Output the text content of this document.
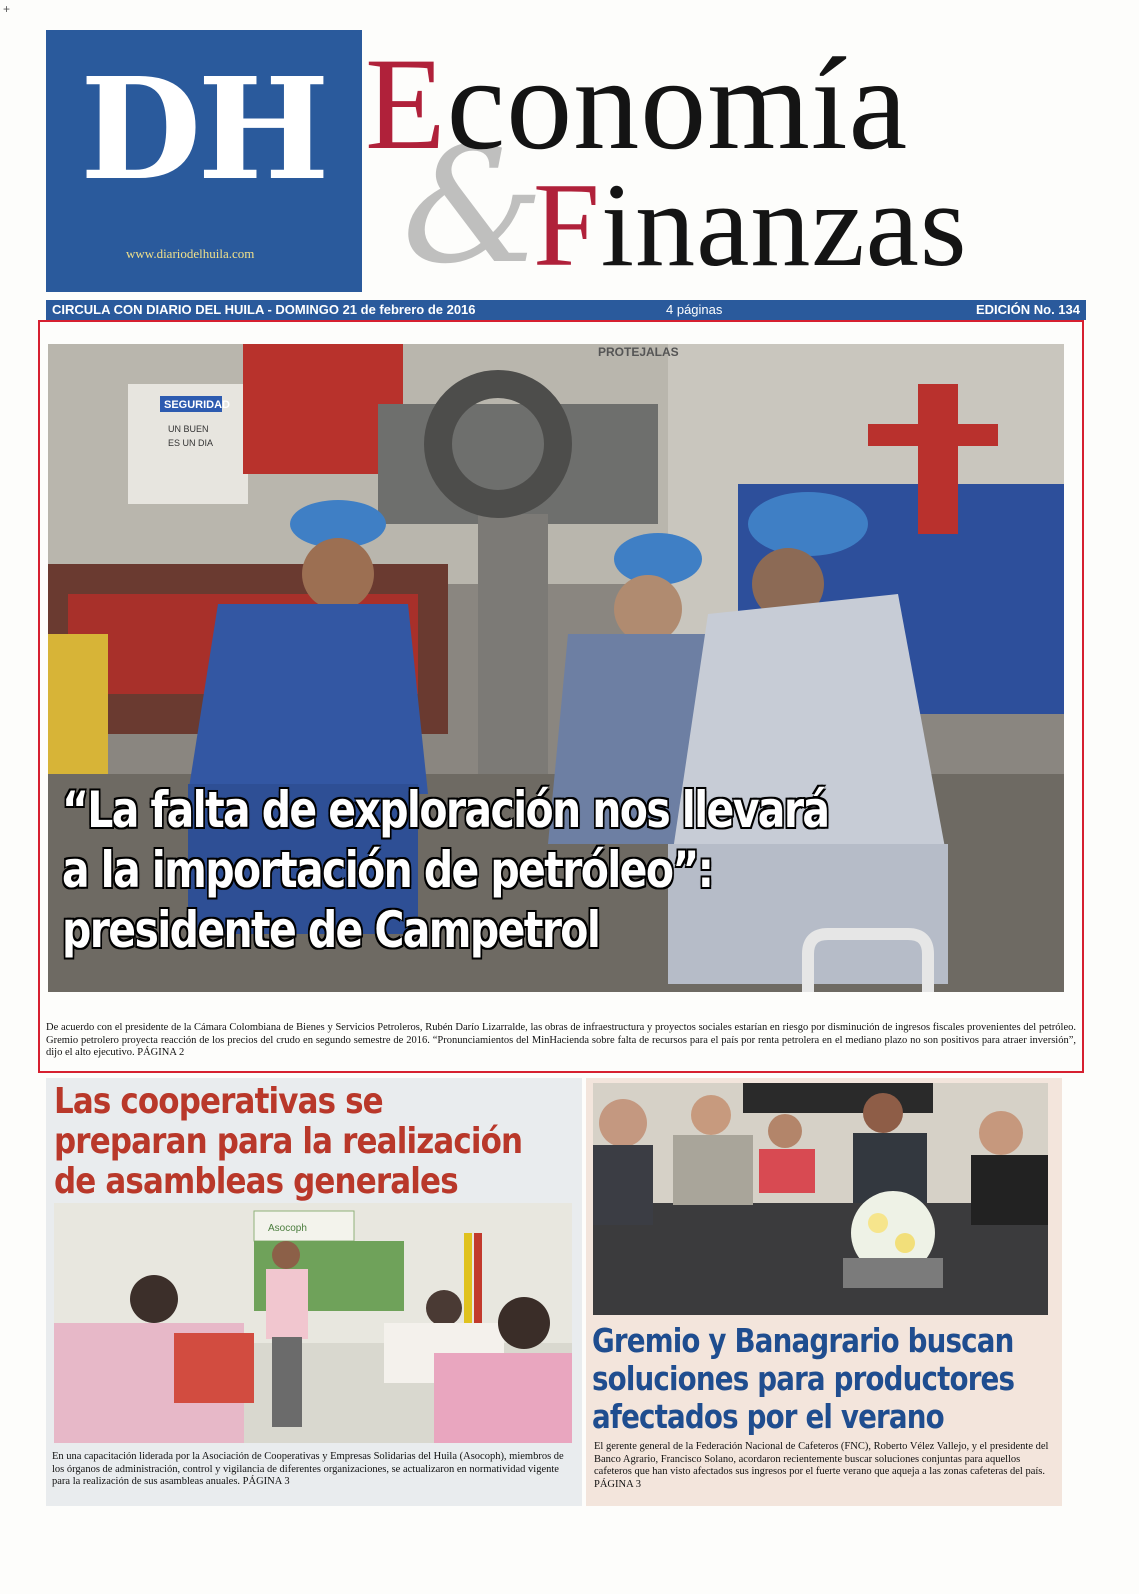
+
DH
www.diariodelhuila.com &
Economía
Finanzas
CIRCULA CON DIARIO DEL HUILA - DOMINGO 21 de febrero de 2016	4 páginas	EDICIÓN No. 134
SEGURIDAD
UN BUEN
ES UN DIA
PROTEJALAS
“La falta de exploración nos llevará
a la importación de petróleo”:
presidente de Campetrol
De acuerdo con el presidente de la Cámara Colombiana de Bienes y Servicios Petroleros, Rubén Darío Lizarralde, las obras de infraestructura y proyectos sociales estarían en riesgo por disminución de ingresos fiscales provenientes del petróleo. Gremio petrolero proyecta reacción de los precios del crudo en segundo semestre de 2016. “Pronunciamientos del MinHacienda sobre falta de recursos para el país por renta petrolera en el mediano plazo no son positivos para atraer inversión”, dijo el alto ejecutivo. PÁGINA 2
Las cooperativas se
preparan para la realización
de asambleas generales
Asocoph
En una capacitación liderada por la Asociación de Cooperativas y Empresas Solidarias del Huila (Asocoph), miembros de los órganos de administración, control y vigilancia de diferentes organizaciones, se actualizaron en normatividad vigente para la realización de sus asambleas anuales. PÁGINA 3
Gremio y Banagrario buscan
soluciones para productores
afectados por el verano
El gerente general de la Federación Nacional de Cafeteros (FNC), Roberto Vélez Vallejo, y el presidente del Banco Agrario, Francisco Solano, acordaron recientemente buscar soluciones conjuntas para aquellos cafeteros que han visto afectados sus ingresos por el fuerte verano que aqueja a las zonas cafeteras del país. PÁGINA 3
